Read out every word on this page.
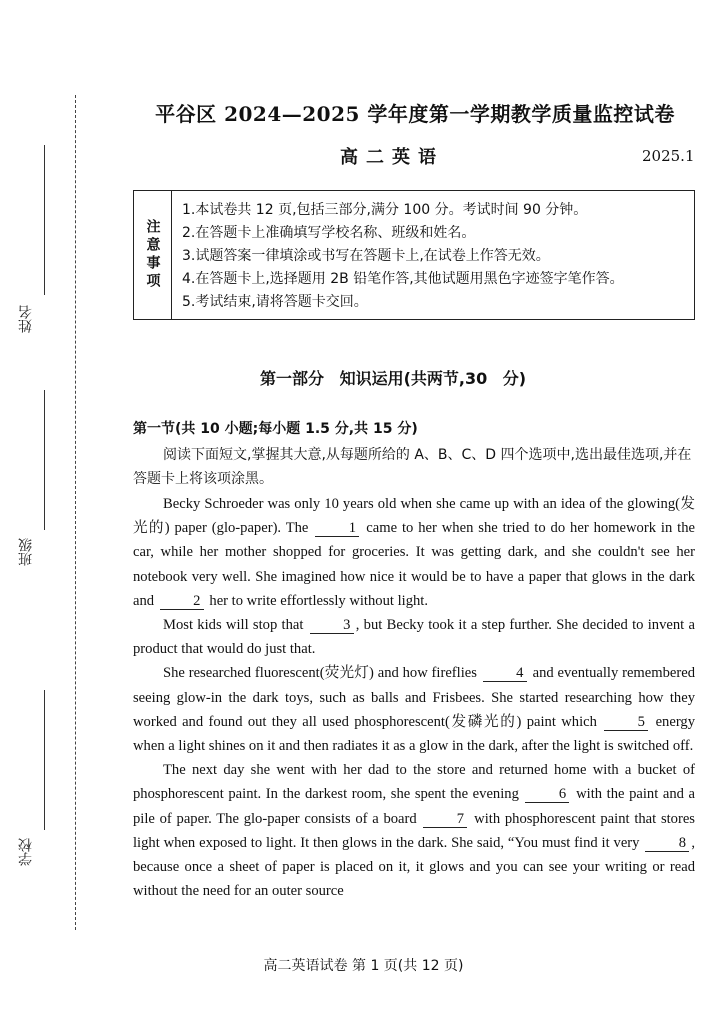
姓名
班级
学校
平谷区 2024—2025 学年度第一学期教学质量监控试卷
高二英语	2025.1
注意事项
1.本试卷共 12 页,包括三部分,满分 100 分。考试时间 90 分钟。
2.在答题卡上准确填写学校名称、班级和姓名。
3.试题答案一律填涂或书写在答题卡上,在试卷上作答无效。
4.在答题卡上,选择题用 2B 铅笔作答,其他试题用黑色字迹签字笔作答。
5.考试结束,请将答题卡交回。
第一部分 知识运用(共两节,30 分)
第一节(共 10 小题;每小题 1.5 分,共 15 分)

阅读下面短文,掌握其大意,从每题所给的 A、B、C、D 四个选项中,选出最佳选项,并在答题卡上将该项涂黑。

Becky Schroeder was only 10 years old when she came up with an idea of the glowing(发光的) paper (glo-paper). The	1 came to her when she tried to do her homework in the car, while her mother shopped for groceries. It was getting dark, and she couldn't see her notebook very well. She imagined how nice it would be to have a paper that glows in the dark and	2 her to write effortlessly without light.

Most kids will stop that	3 , but Becky took it a step further. She decided to invent a product that would do just that.

She researched fluorescent(荧光灯) and how fireflies	4 and eventually remembered seeing glow-in the dark toys, such as balls and Frisbees. She started researching how they worked and found out they all used phosphorescent(发磷光的) paint which	5 energy when a light shines on it and then radiates it as a glow in the dark, after the light is switched off.

The next day she went with her dad to the store and returned home with a bucket of phosphorescent paint. In the darkest room, she spent the evening	6 with the paint and a pile of paper. The glo-paper consists of a board	7 with phosphorescent paint that stores light when exposed to light. It then glows in the dark. She said, “You must find it very	8 , because once a sheet of paper is placed on it, it glows and you can see your writing or read without the need for an outer source

高二英语试卷 第 1 页(共 12 页)
